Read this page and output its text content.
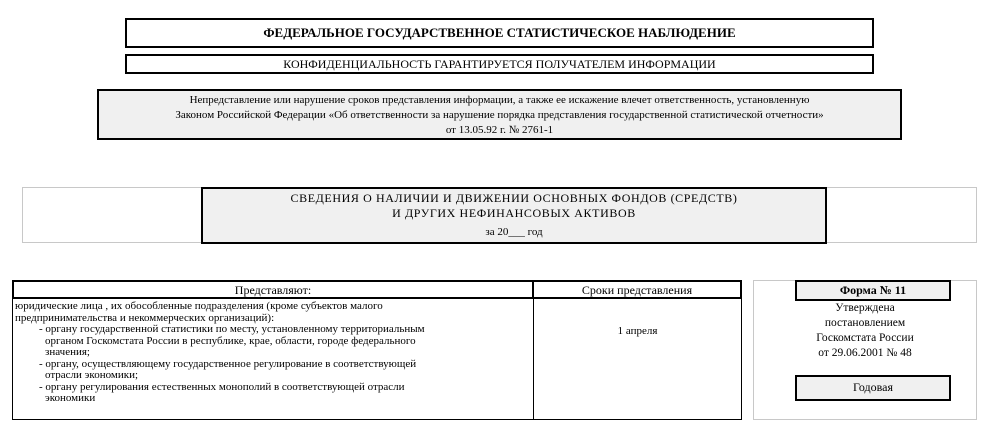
ФЕДЕРАЛЬНОЕ ГОСУДАРСТВЕННОЕ СТАТИСТИЧЕСКОЕ НАБЛЮДЕНИЕ
КОНФИДЕНЦИАЛЬНОСТЬ ГАРАНТИРУЕТСЯ ПОЛУЧАТЕЛЕМ ИНФОРМАЦИИ
Непредставление или нарушение сроков представления информации, а также ее искажение влечет ответственность, установленную
Законом Российской Федерации «Об ответственности за нарушение порядка представления государственной статистической отчетности»
от 13.05.92 г. № 2761-1
СВЕДЕНИЯ О НАЛИЧИИ И ДВИЖЕНИИ ОСНОВНЫХ ФОНДОВ (СРЕДСТВ)
И ДРУГИХ НЕФИНАНСОВЫХ АКТИВОВ
за 20___ год
Представляют:	Сроки представления
юридические лица , их обособленные подразделения (кроме субъектов малого
предпринимательства и некоммерческих организаций):
- органу государственной статистики по месту, установленному территориальным
органом Госкомстата России в республике, крае, области, городе федерального
значения;
- органу, осуществляющему государственное регулирование в соответствующей
отрасли экономики;
- органу регулирования естественных монополий в соответствующей отрасли
экономики
1 апреля
Форма № 11
Утверждена
постановлением
Госкомстата России
от 29.06.2001 № 48
Годовая
